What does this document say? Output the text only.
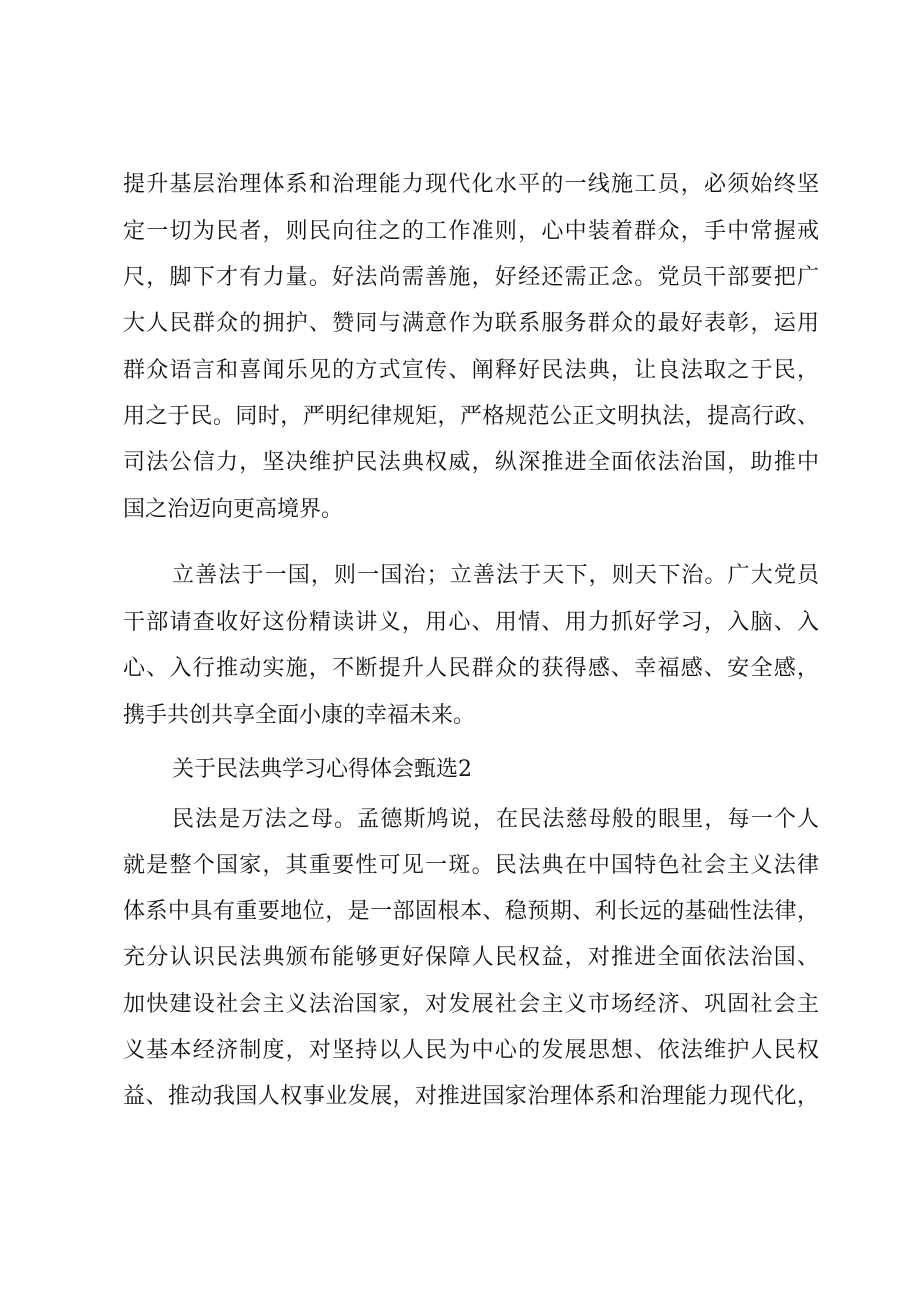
提升基层治理体系和治理能力现代化水平的一线施工员，必须始终坚
定一切为民者，则民向往之的工作准则，心中装着群众，手中常握戒
尺，脚下才有力量。好法尚需善施，好经还需正念。党员干部要把广
大人民群众的拥护、赞同与满意作为联系服务群众的最好表彰，运用
群众语言和喜闻乐见的方式宣传、阐释好民法典，让良法取之于民，
用之于民。同时，严明纪律规矩，严格规范公正文明执法，提高行政、
司法公信力，坚决维护民法典权威，纵深推进全面依法治国，助推中
国之治迈向更高境界。
立善法于一国，则一国治；立善法于天下，则天下治。广大党员
干部请查收好这份精读讲义，用心、用情、用力抓好学习，入脑、入
心、入行推动实施，不断提升人民群众的获得感、幸福感、安全感，
携手共创共享全面小康的幸福未来。
关于民法典学习心得体会甄选2
民法是万法之母。孟德斯鸠说，在民法慈母般的眼里，每一个人
就是整个国家，其重要性可见一斑。民法典在中国特色社会主义法律
体系中具有重要地位，是一部固根本、稳预期、利长远的基础性法律，
充分认识民法典颁布能够更好保障人民权益，对推进全面依法治国、
加快建设社会主义法治国家，对发展社会主义市场经济、巩固社会主
义基本经济制度，对坚持以人民为中心的发展思想、依法维护人民权
益、推动我国人权事业发展，对推进国家治理体系和治理能力现代化，
